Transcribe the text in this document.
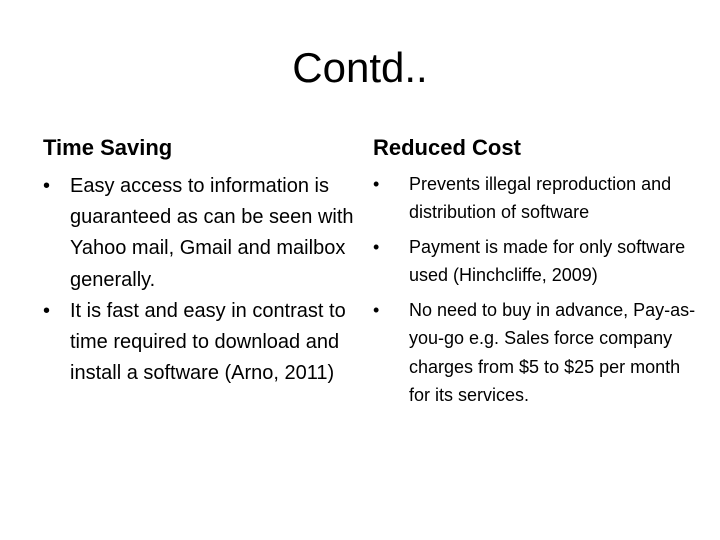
Contd..
Time Saving	Reduced Cost
• Easy access to information is guaranteed as can be seen with Yahoo mail, Gmail and mailbox generally.
• It is fast and easy in contrast to time required to download and install a software (Arno, 2011)
• Prevents illegal reproduction and distribution of software
• Payment is made for only software used (Hinchcliffe, 2009)
• No need to buy in advance, Pay-as-you-go e.g. Sales force company charges from $5 to $25 per month for its services.
